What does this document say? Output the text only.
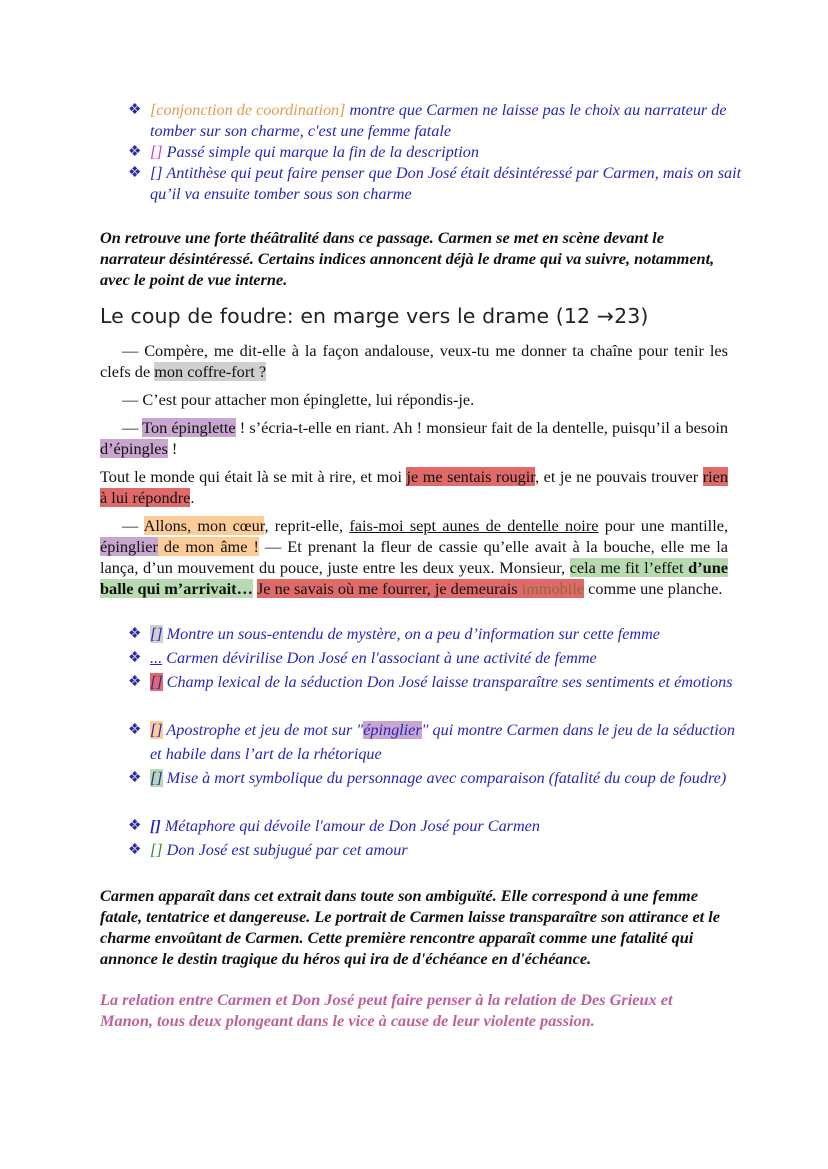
❖ [conjonction de coordination] montre que Carmen ne laisse pas le choix au narrateur de tomber sur son charme, c'est une femme fatale
❖ [] Passé simple qui marque la fin de la description
❖ [] Antithèse qui peut faire penser que Don José était désintéressé par Carmen, mais on sait qu’il va ensuite tomber sous son charme
On retrouve une forte théâtralité dans ce passage. Carmen se met en scène devant le narrateur désintéressé. Certains indices annoncent déjà le drame qui va suivre, notamment, avec le point de vue interne.
Le coup de foudre: en marge vers le drame (12 →23)

— Compère, me dit-elle à la façon andalouse, veux-tu me donner ta chaîne pour tenir les clefs de mon coffre-fort ?

— C’est pour attacher mon épinglette, lui répondis-je.

— Ton épinglette ! s’écria-t-elle en riant. Ah ! monsieur fait de la dentelle, puisqu’il a besoin d’épingles !

Tout le monde qui était là se mit à rire, et moi je me sentais rougir, et je ne pouvais trouver rien à lui répondre.

— Allons, mon cœur, reprit-elle, fais-moi sept aunes de dentelle noire pour une mantille, épinglier de mon âme ! — Et prenant la fleur de cassie qu’elle avait à la bouche, elle me la lança, d’un mouvement du pouce, juste entre les deux yeux. Monsieur, cela me fit l’effet d’une balle qui m’arrivait… Je ne savais où me fourrer, je demeurais immobile comme une planche.

❖ [] Montre un sous-entendu de mystère, on a peu d’information sur cette femme
❖ ... Carmen dévirilise Don José en l'associant à une activité de femme
❖ [] Champ lexical de la séduction Don José laisse transparaître ses sentiments et émotions
❖ [] Apostrophe et jeu de mot sur "épinglier" qui montre Carmen dans le jeu de la séduction et habile dans l’art de la rhétorique
❖ [] Mise à mort symbolique du personnage avec comparaison (fatalité du coup de foudre)
❖ [] Métaphore qui dévoile l'amour de Don José pour Carmen
❖ [] Don José est subjugué par cet amour
Carmen apparaît dans cet extrait dans toute son ambiguïté. Elle correspond à une femme fatale, tentatrice et dangereuse. Le portrait de Carmen laisse transparaître son attirance et le charme envoûtant de Carmen. Cette première rencontre apparaît comme une fatalité qui annonce le destin tragique du héros qui ira de d'échéance en d'échéance.
La relation entre Carmen et Don José peut faire penser à la relation de Des Grieux et Manon, tous deux plongeant dans le vice à cause de leur violente passion.
